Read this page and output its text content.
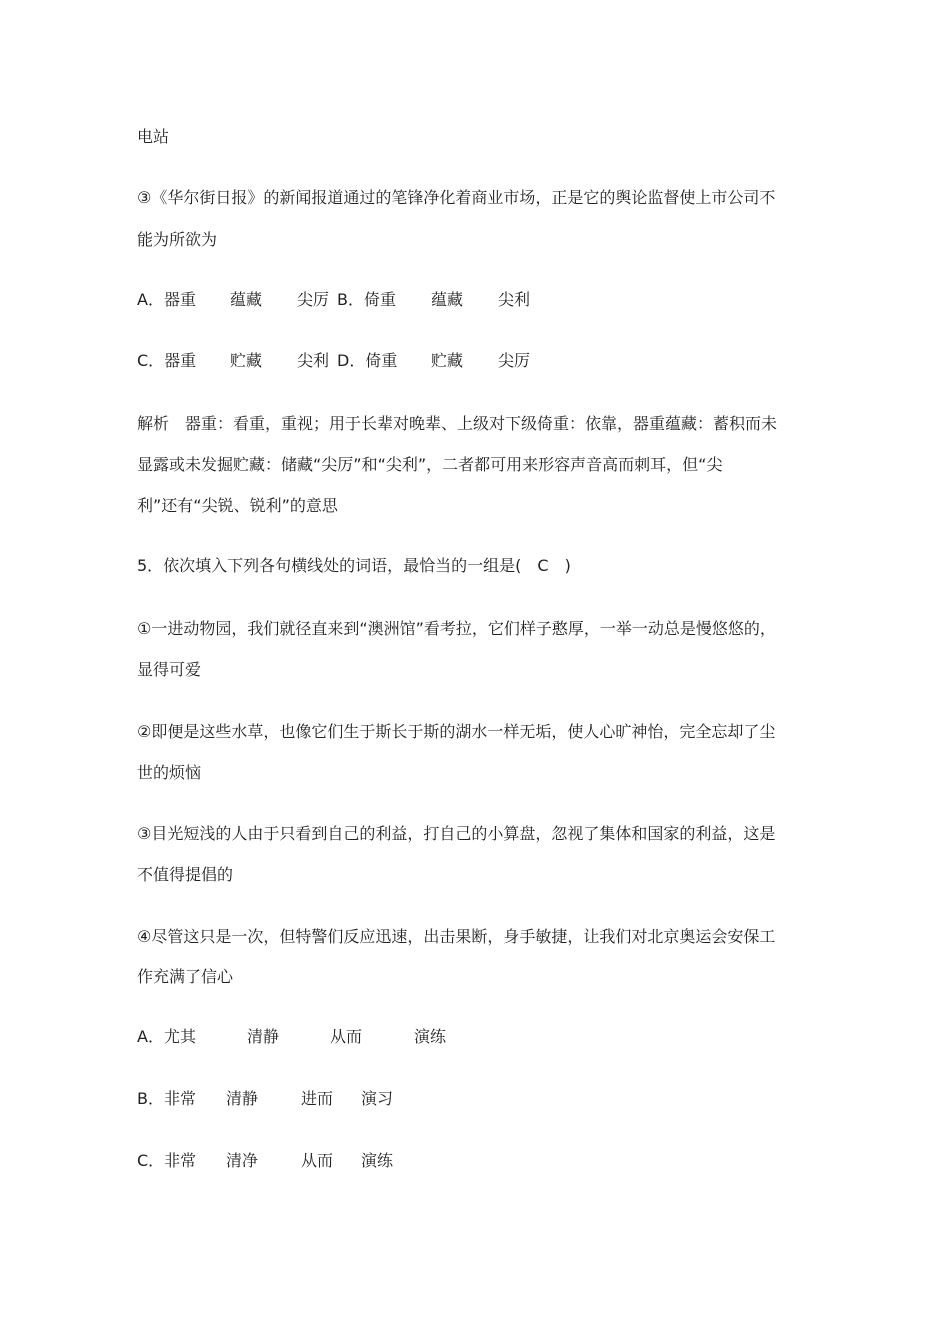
电站
③《华尔街日报》的新闻报道通过的笔锋净化着商业市场，正是它的舆论监督使上市公司不
能为所欲为
A．器重 蕴藏 尖厉 B．倚重 蕴藏 尖利
C．器重 贮藏 尖利 D．倚重 贮藏 尖厉
解析　器重：看重，重视；用于长辈对晚辈、上级对下级倚重：依靠，器重蕴藏：蓄积而未
显露或未发掘贮藏：储藏“尖厉”和“尖利”，二者都可用来形容声音高而刺耳，但“尖
利”还有“尖锐、锐利”的意思
5．依次填入下列各句横线处的词语，最恰当的一组是(　C　)
①一进动物园，我们就径直来到“澳洲馆”看考拉，它们样子憨厚，一举一动总是慢悠悠的，
显得可爱
②即便是这些水草，也像它们生于斯长于斯的湖水一样无垢，使人心旷神怡，完全忘却了尘
世的烦恼
③目光短浅的人由于只看到自己的利益，打自己的小算盘，忽视了集体和国家的利益，这是
不值得提倡的
④尽管这只是一次，但特警们反应迅速，出击果断，身手敏捷，让我们对北京奥运会安保工
作充满了信心
A．尤其	清静	从而	演练
B．非常 清静	进而 演习
C．非常 清净	从而 演练
